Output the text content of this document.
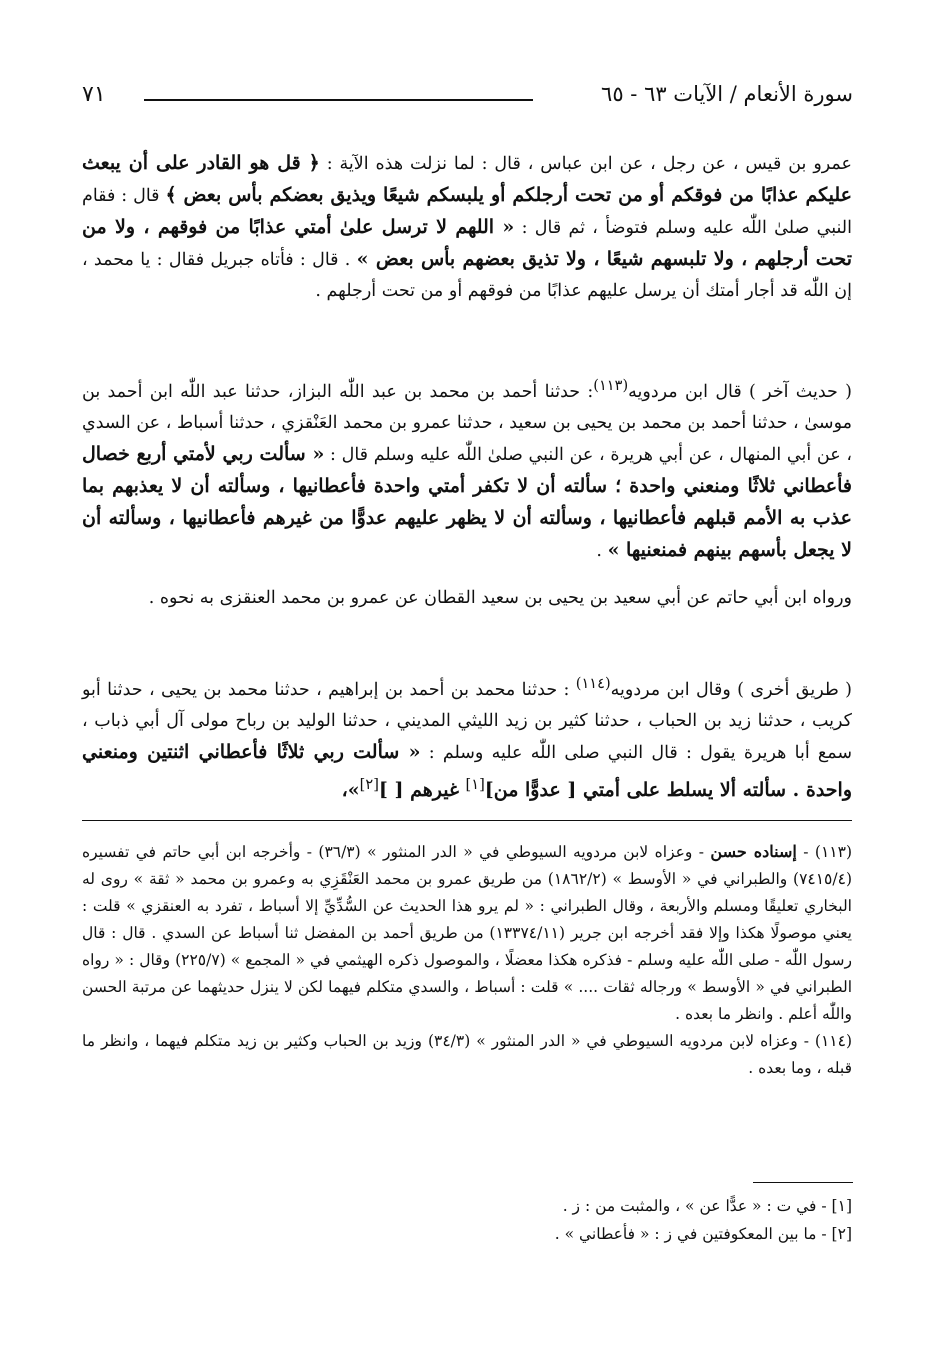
سورة الأنعام / الآيات ٦٣ - ٦٥
٧١

عمرو بن قيس ، عن رجل ، عن ابن عباس ، قال : لما نزلت هذه الآية : ﴿ قل هو القادر على أن يبعث عليكم عذابًا من فوقكم أو من تحت أرجلكم أو يلبسكم شيعًا ويذيق بعضكم بأس بعض ﴾ قال : فقام النبي صلىٰ اللّٰه عليه وسلم فتوضأ ، ثم قال : « اللهم لا ترسل علىٰ أمتي عذابًا من فوقهم ، ولا من تحت أرجلهم ، ولا تلبسهم شيعًا ، ولا تذيق بعضهم بأس بعض » . قال : فأتاه جبريل فقال : يا محمد ، إن اللّٰه قد أجار أمتك أن يرسل عليهم عذابًا من فوقهم أو من تحت أرجلهم .

( حديث آخر ) قال ابن مردويه$^{(١١٣)}$: حدثنا أحمد بن محمد بن عبد اللّٰه البزاز، حدثنا عبد اللّٰه ابن أحمد بن موسىٰ ، حدثنا أحمد بن محمد بن يحيى بن سعيد ، حدثنا عمرو بن محمد العَنْقزي ، حدثنا أسباط ، عن السدي ، عن أبي المنهال ، عن أبي هريرة ، عن النبي صلىٰ اللّٰه عليه وسلم قال : « سألت ربي لأمتي أربع خصال فأعطاني ثلاثًا ومنعني واحدة ؛ سألته أن لا تكفر أمتي واحدة فأعطانيها ، وسألته أن لا يعذبهم بما عذب به الأمم قبلهم فأعطانيها ، وسألته أن لا يظهر عليهم عدوًّا من غيرهم فأعطانيها ، وسألته أن لا يجعل بأسهم بينهم فمنعنيها » .

ورواه ابن أبي حاتم عن أبي سعيد بن يحيى بن سعيد القطان عن عمرو بن محمد العنقزى به نحوه .

( طريق أخرى ) وقال ابن مردويه$^{(١١٤)}$ : حدثنا محمد بن أحمد بن إبراهيم ، حدثنا محمد بن يحيى ، حدثنا أبو كريب ، حدثنا زيد بن الحباب ، حدثنا كثير بن زيد الليثي المديني ، حدثنا الوليد بن رباح مولى آل أبي ذباب ، سمع أبا هريرة يقول : قال النبي صلى اللّٰه عليه وسلم : « سألت ربي ثلاثًا فأعطاني اثنتين ومنعني واحدة . سألته ألا يسلط على أمتي [ عدوًّا من][١] غيرهم [ ][٢]»،

(١١٣) - إسناده حسن - وعزاه لابن مردويه السيوطي في « الدر المنثور » (٣٦/٣) - وأخرجه ابن أبي حاتم في تفسيره (٧٤١٥/٤) والطبراني في « الأوسط » (١٨٦٢/٢) من طريق عمرو بن محمد العَنْقَزِي به وعمرو بن محمد « ثقة » روى له البخاري تعليقًا ومسلم والأربعة ، وقال الطبراني : « لم يرو هذا الحديث عن السُّدِّيِّ إلا أسباط ، تفرد به العنقزي » قلت : يعني موصولًا هكذا وإلا فقد أخرجه ابن جرير (١٣٣٧٤/١١) من طريق أحمد بن المفضل ثنا أسباط عن السدي . قال : قال رسول اللّٰه - صلى اللّٰه عليه وسلم - فذكره هكذا معضلًا ، والموصول ذكره الهيثمي في « المجمع » (٢٢٥/٧) وقال : « رواه الطبراني في « الأوسط » ورجاله ثقات .... » قلت : أسباط ، والسدي متكلم فيهما لكن لا ينزل حديثهما عن مرتبة الحسن واللّٰه أعلم . وانظر ما بعده .

(١١٤) - وعزاه لابن مردويه السيوطي في « الدر المنثور » (٣٤/٣) وزيد بن الحباب وكثير بن زيد متكلم فيهما ، وانظر ما قبله ، وما بعده .

[١] - في ت : « عدًّا عن » ، والمثبت من : ز .

[٢] - ما بين المعكوفتين في ز : « فأعطاني » .
